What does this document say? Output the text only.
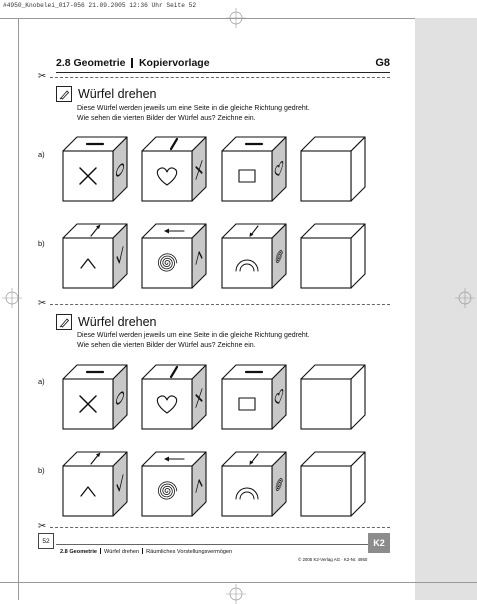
#4950_Knobelei_017-056 21.09.2005 12:36 Uhr Seite 52
2.8 Geometrie Kopiervorlage	G8
✂
Würfel drehen
Diese Würfel werden jeweils um eine Seite in die gleiche Richtung gedreht.
Wie sehen die vierten Bilder der Würfel aus? Zeichne ein.
a)
b)
✂
Würfel drehen
Diese Würfel werden jeweils um eine Seite in die gleiche Richtung gedreht.
Wie sehen die vierten Bilder der Würfel aus? Zeichne ein.
a)
b)
✂
52
2.8 Geometrie Würfel drehen Räumliches Vorstellungsvermögen
K2
© 2005 K2-Verlag AG · K2-Nr. 4950
